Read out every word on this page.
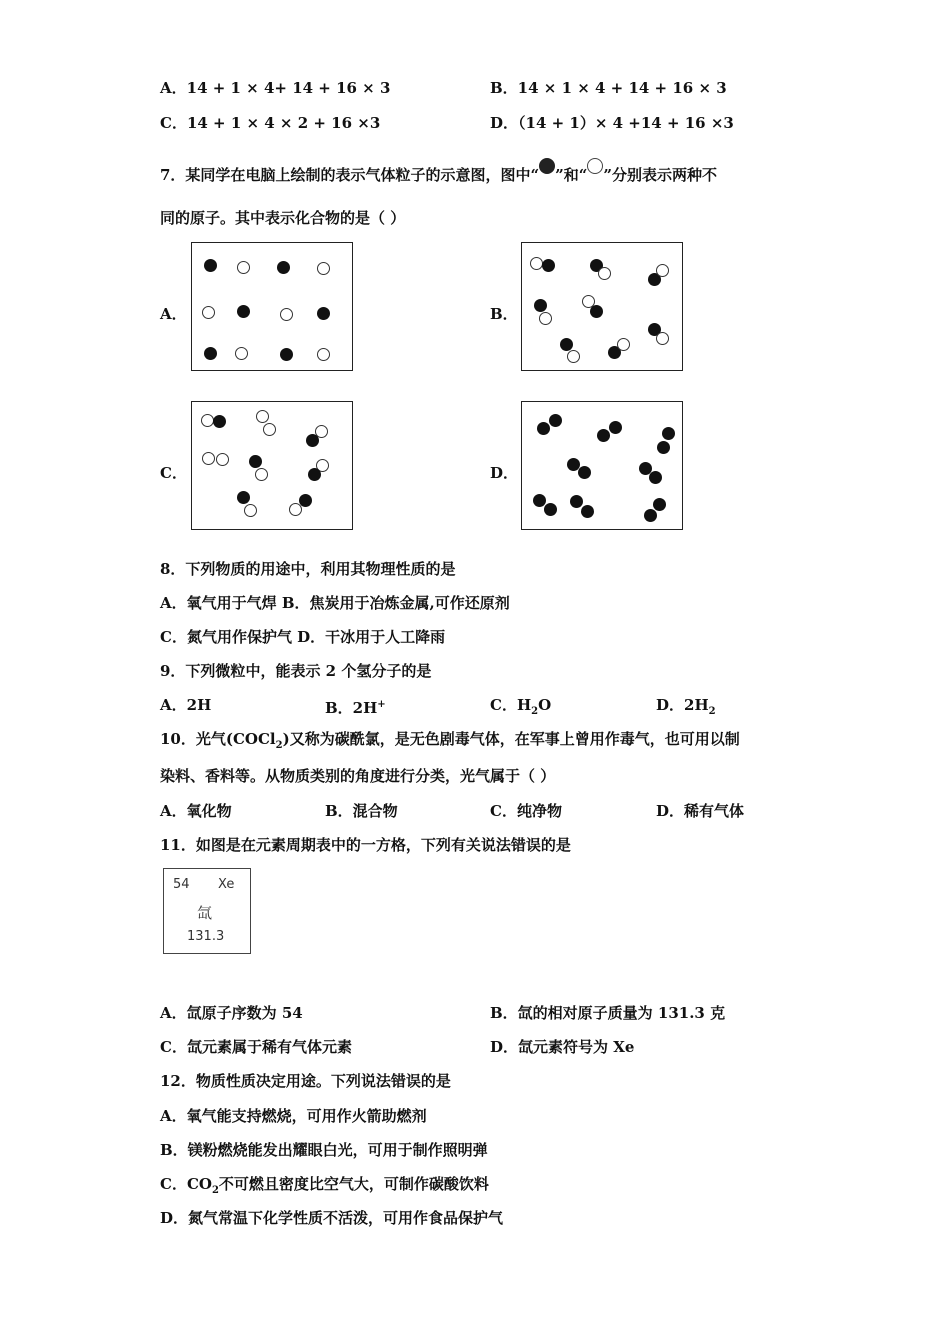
A．14 + 1 × 4+ 14 + 16 × 3	B．14 × 1 × 4 + 14 + 16 × 3
C．14 + 1 × 4 × 2 + 16 ×3	D．（14 + 1）× 4 +14 + 16 ×3
7．某同学在电脑上绘制的表示气体粒子的示意图，图中“ ”和“ ”分别表示两种不
同的原子。其中表示化合物的是（ ）
A．	B．
C．	D．
8．下列物质的用途中，利用其物理性质的是
A．氧气用于气焊 B．焦炭用于冶炼金属,可作还原剂
C．氮气用作保护气 D．干冰用于人工降雨
9．下列微粒中，能表示 2 个氢分子的是
A．2H	B．2H+	C．$H_2O$	D．$2H_2$
10．光气(COCl$_2$)又称为碳酰氯，是无色剧毒气体，在军事上曾用作毒气，也可用以制
染料、香料等。从物质类别的角度进行分类，光气属于（ ）
A．氧化物	B．混合物	C．纯净物	D．稀有气体
11．如图是在元素周期表中的一方格，下列有关说法错误的是
54 Xe
氙
131.3
A．氙原子序数为 54	B．氙的相对原子质量为 131.3 克
C．氙元素属于稀有气体元素	D．氙元素符号为 Xe
12．物质性质决定用途。下列说法错误的是
A．氧气能支持燃烧，可用作火箭助燃剂
B．镁粉燃烧能发出耀眼白光，可用于制作照明弹
C．$CO_2$不可燃且密度比空气大，可制作碳酸饮料
D．氮气常温下化学性质不活泼，可用作食品保护气
